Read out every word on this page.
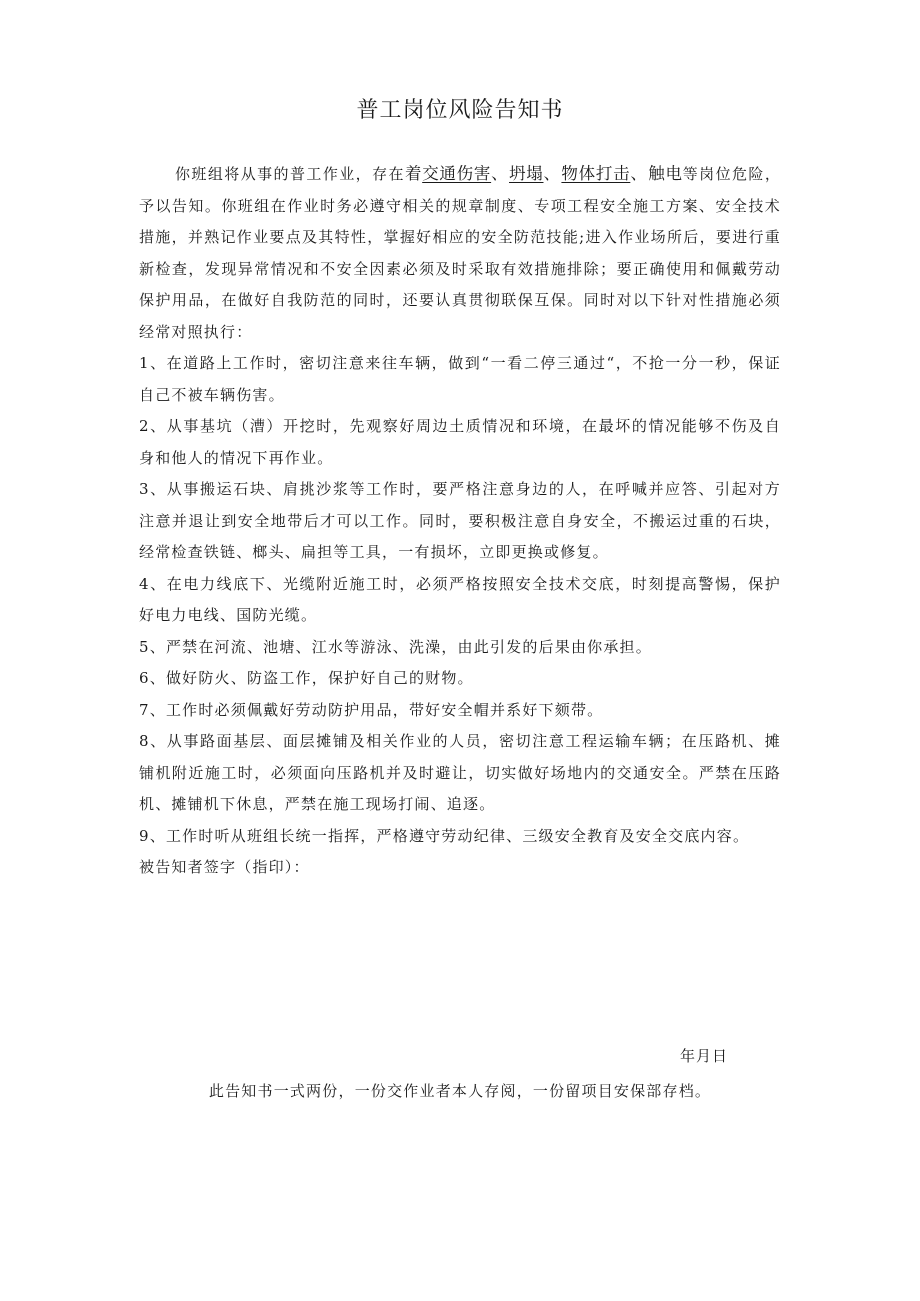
普工岗位风险告知书

你班组将从事的普工作业，存在着交通伤害、坍塌、物体打击、触电等岗位危险，予以告知。你班组在作业时务必遵守相关的规章制度、专项工程安全施工方案、安全技术措施，并熟记作业要点及其特性，掌握好相应的安全防范技能;进入作业场所后，要进行重新检查，发现异常情况和不安全因素必须及时采取有效措施排除；要正确使用和佩戴劳动保护用品，在做好自我防范的同时，还要认真贯彻联保互保。同时对以下针对性措施必须经常对照执行：

1、在道路上工作时，密切注意来往车辆，做到“一看二停三通过“，不抢一分一秒，保证自己不被车辆伤害。

2、从事基坑（漕）开挖时，先观察好周边土质情况和环境，在最坏的情况能够不伤及自身和他人的情况下再作业。

3、从事搬运石块、肩挑沙浆等工作时，要严格注意身边的人，在呼喊并应答、引起对方注意并退让到安全地带后才可以工作。同时，要积极注意自身安全，不搬运过重的石块，经常检查铁链、榔头、扁担等工具，一有损坏，立即更换或修复。

4、在电力线底下、光缆附近施工时，必须严格按照安全技术交底，时刻提高警惕，保护好电力电线、国防光缆。

5、严禁在河流、池塘、江水等游泳、洗澡，由此引发的后果由你承担。

6、做好防火、防盗工作，保护好自己的财物。

7、工作时必须佩戴好劳动防护用品，带好安全帽并系好下颏带。

8、从事路面基层、面层摊铺及相关作业的人员，密切注意工程运输车辆；在压路机、摊铺机附近施工时，必须面向压路机并及时避让，切实做好场地内的交通安全。严禁在压路机、摊铺机下休息，严禁在施工现场打闹、追逐。

9、工作时听从班组长统一指挥，严格遵守劳动纪律、三级安全教育及安全交底内容。

被告知者签字（指印）：

年月日
此告知书一式两份，一份交作业者本人存阅，一份留项目安保部存档。
